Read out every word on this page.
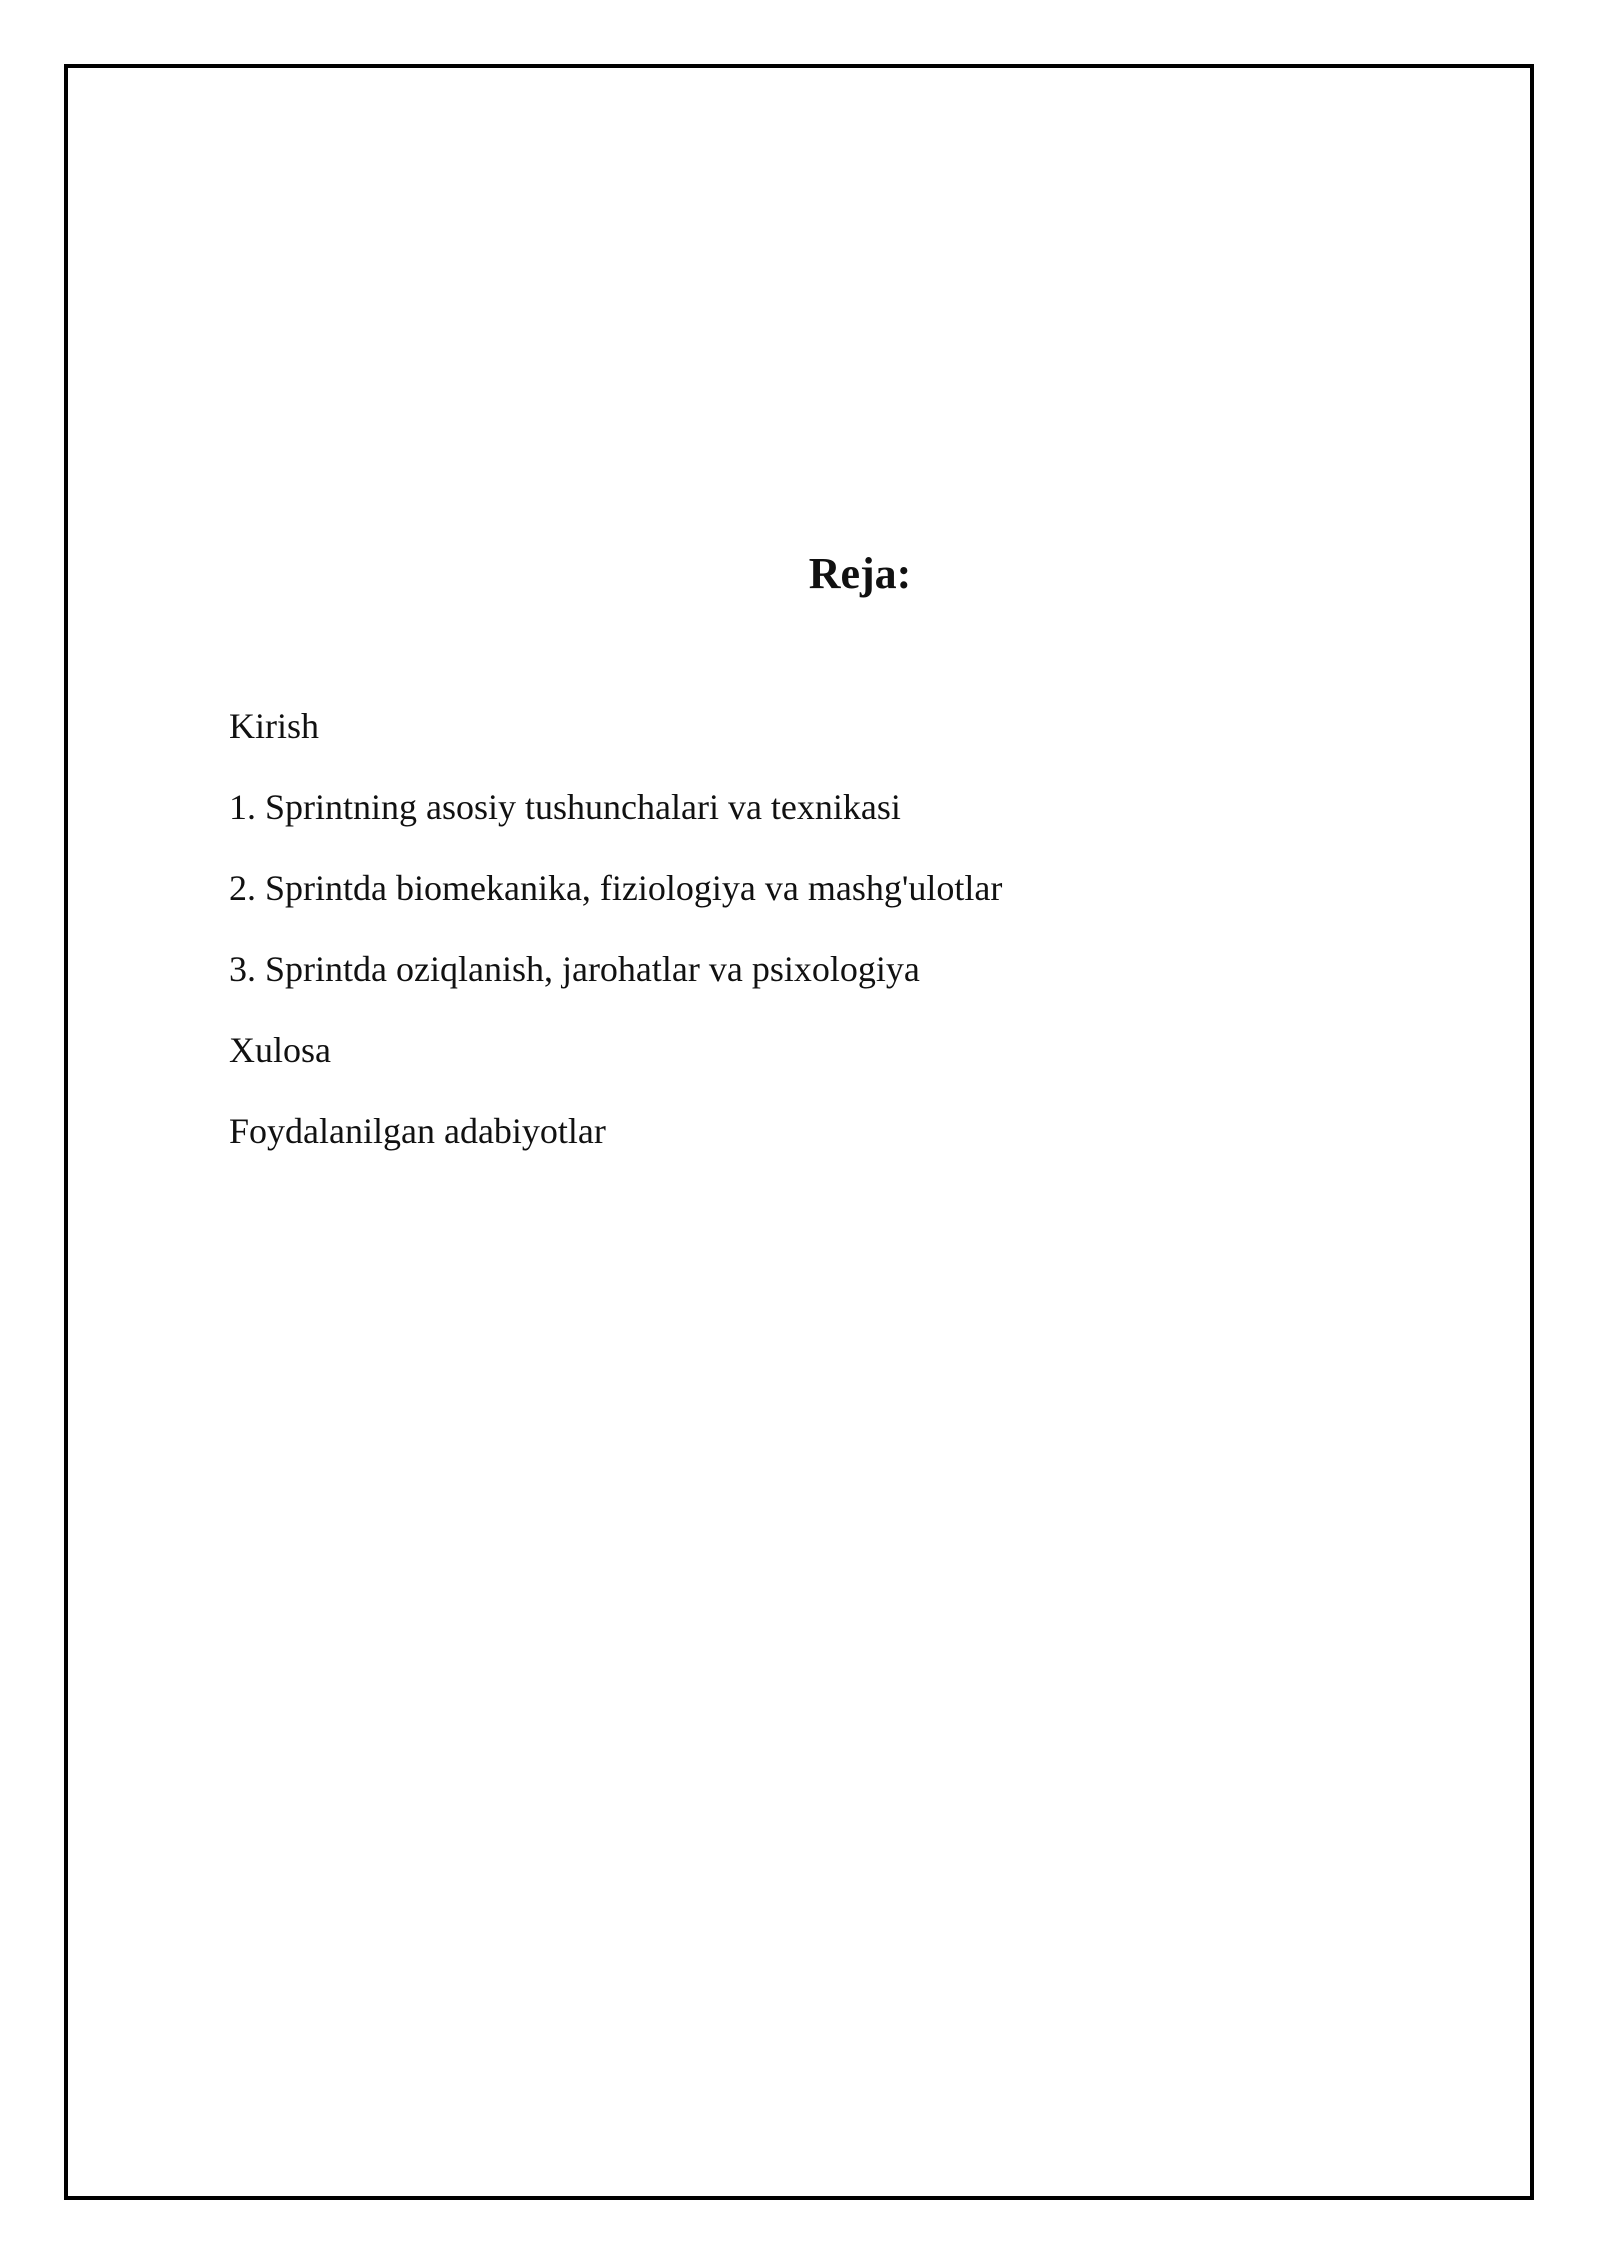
Reja:
Kirish
1. Sprintning asosiy tushunchalari va texnikasi
2. Sprintda biomekanika, fiziologiya va mashg'ulotlar
3. Sprintda oziqlanish, jarohatlar va psixologiya
Xulosa
Foydalanilgan adabiyotlar
